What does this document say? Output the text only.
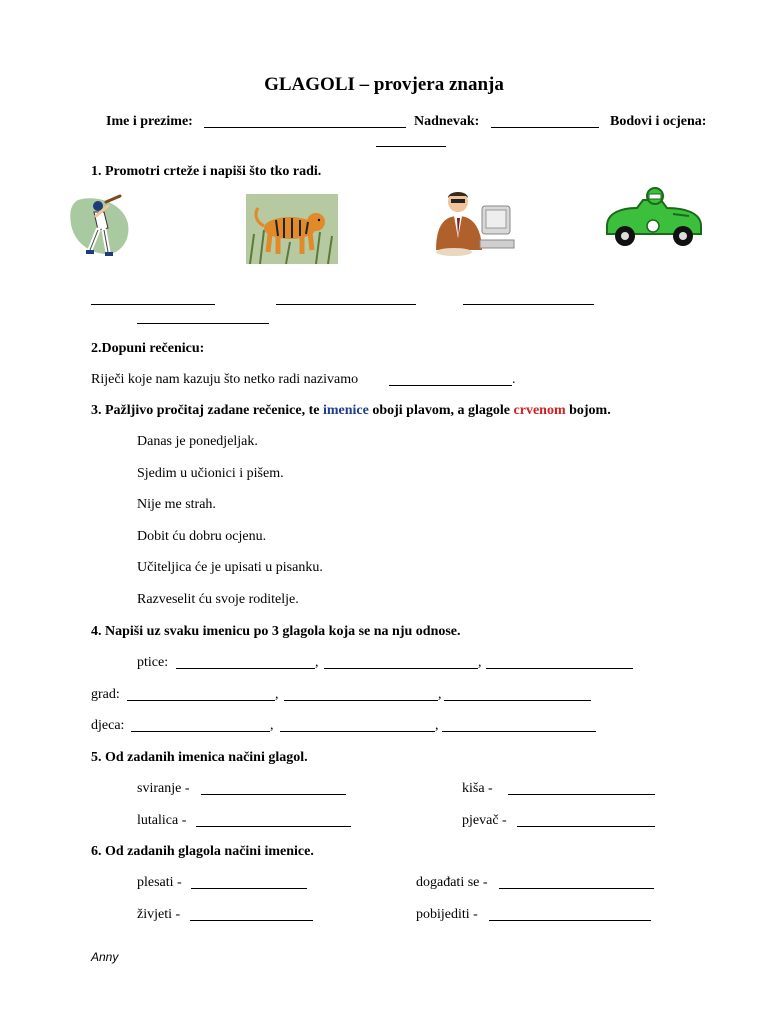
GLAGOLI – provjera znanja
Ime i prezime:	Nadnevak:	Bodovi i ocjena:
1. Promotri crteže i napiši što tko radi.
2.Dopuni rečenicu:
Riječi koje nam kazuju što netko radi nazivamo	.
3. Pažljivo pročitaj zadane rečenice, te imenice oboji plavom, a glagole crvenom bojom.
Danas je ponedjeljak.
Sjedim u učionici i pišem.
Nije me strah.
Dobit ću dobru ocjenu.
Učiteljica će je upisati u pisanku.
Razveselit ću svoje roditelje.
4. Napiši uz svaku imenicu po 3 glagola koja se na nju odnose.
ptice:	,	,
grad:	,	,
djeca:	,	,
5. Od zadanih imenica načini glagol.
sviranje -	kiša -
lutalica -	pjevač -
6. Od zadanih glagola načini imenice.
plesati -	događati se -
živjeti -	pobijediti -
Anny
